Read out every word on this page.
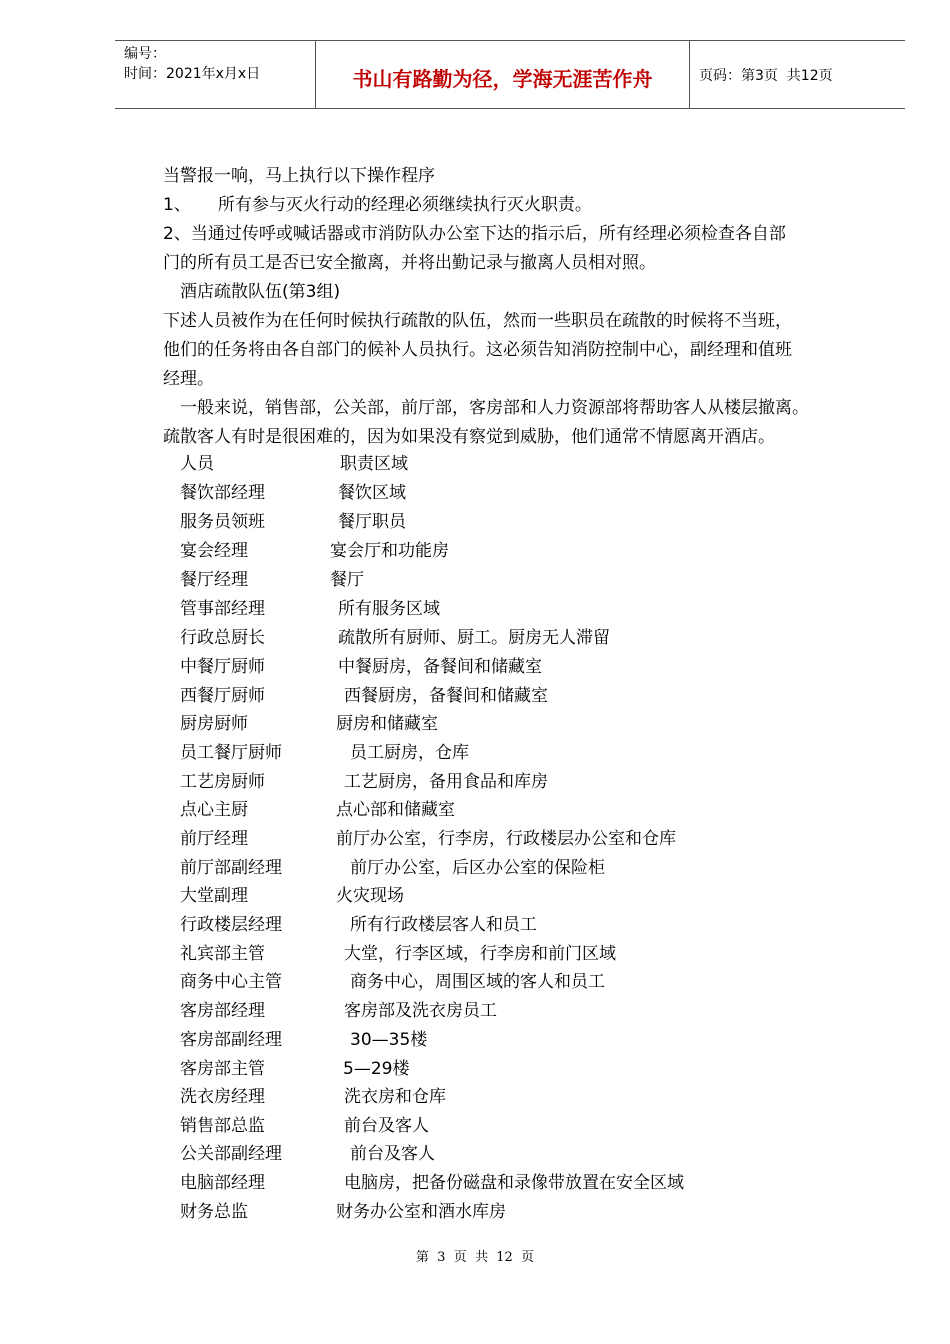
编号：
时间：2021年x月x日	书山有路勤为径，学海无涯苦作舟	页码：第3页  共12页
当警报一响，马上执行以下操作程序
1、     所有参与灭火行动的经理必须继续执行灭火职责。
2、当通过传呼或喊话器或市消防队办公室下达的指示后，所有经理必须检查各自部
门的所有员工是否已安全撤离，并将出勤记录与撤离人员相对照。
酒店疏散队伍(第3组)
下述人员被作为在任何时候执行疏散的队伍，然而一些职员在疏散的时候将不当班，
他们的任务将由各自部门的候补人员执行。这必须告知消防控制中心，副经理和值班
经理。
一般来说，销售部，公关部，前厅部，客房部和人力资源部将帮助客人从楼层撤离。
疏散客人有时是很困难的，因为如果没有察觉到威胁，他们通常不情愿离开酒店。
人员	职责区域
餐饮部经理	餐饮区域
服务员领班	餐厅职员
宴会经理	宴会厅和功能房
餐厅经理	餐厅
管事部经理	所有服务区域
行政总厨长	疏散所有厨师、厨工。厨房无人滞留
中餐厅厨师	中餐厨房，备餐间和储藏室
西餐厅厨师	西餐厨房，备餐间和储藏室
厨房厨师	厨房和储藏室
员工餐厅厨师	员工厨房，仓库
工艺房厨师	工艺厨房，备用食品和库房
点心主厨	点心部和储藏室
前厅经理	前厅办公室，行李房，行政楼层办公室和仓库
前厅部副经理	前厅办公室，后区办公室的保险柜
大堂副理	火灾现场
行政楼层经理	所有行政楼层客人和员工
礼宾部主管	大堂，行李区域，行李房和前门区域
商务中心主管	商务中心，周围区域的客人和员工
客房部经理	客房部及洗衣房员工
客房部副经理	30—35楼
客房部主管	5—29楼
洗衣房经理	洗衣房和仓库
销售部总监	前台及客人
公关部副经理	前台及客人
电脑部经理	电脑房，把备份磁盘和录像带放置在安全区域
财务总监	财务办公室和酒水库房
第  3  页  共  12  页
